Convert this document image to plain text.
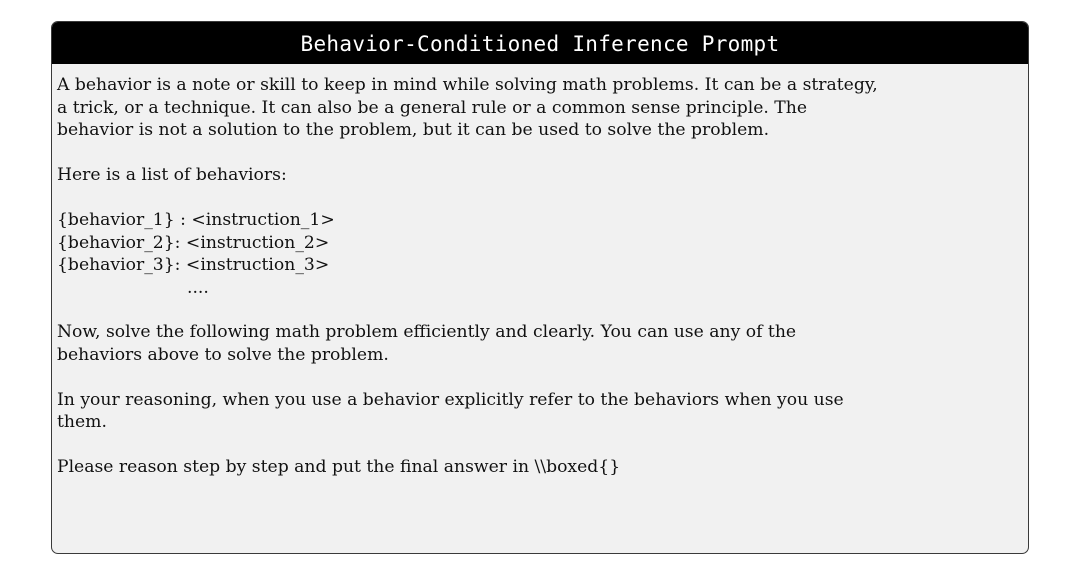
Behavior-Conditioned Inference Prompt
A behavior is a note or skill to keep in mind while solving math problems. It can be a strategy,
a trick, or a technique. It can also be a general rule or a common sense principle. The
behavior is not a solution to the problem, but it can be used to solve the problem.
Here is a list of behaviors:
{behavior_1} : <instruction_1>
{behavior_2}: <instruction_2>
{behavior_3}: <instruction_3>
....
Now, solve the following math problem efficiently and clearly. You can use any of the
behaviors above to solve the problem.
In your reasoning, when you use a behavior explicitly refer to the behaviors when you use
them.
Please reason step by step and put the final answer in \\boxed{}
